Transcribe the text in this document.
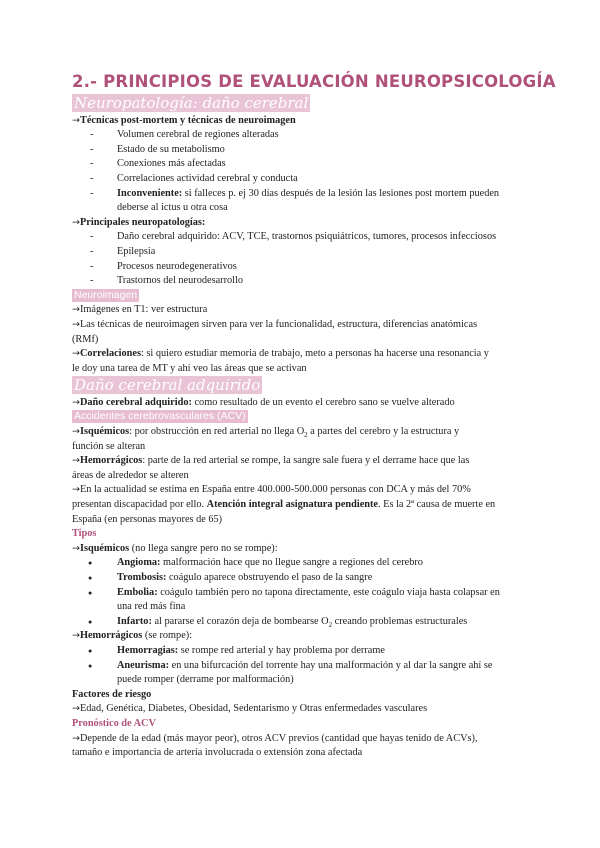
2.- PRINCIPIOS DE EVALUACIÓN NEUROPSICOLOGÍA
Neuropatología: daño cerebral
→Técnicas post-mortem y técnicas de neuroimagen
- Volumen cerebral de regiones alteradas
- Estado de su metabolismo
- Conexiones más afectadas
- Correlaciones actividad cerebral y conducta
- Inconveniente: si falleces p. ej 30 días después de la lesión las lesiones post mortem pueden
deberse al ictus u otra cosa
→Principales neuropatologías:
- Daño cerebral adquirido: ACV, TCE, trastornos psiquiátricos, tumores, procesos infecciosos
- Epilepsia
- Procesos neurodegenerativos
- Trastornos del neurodesarrollo
Neuroimagen
→Imágenes en T1: ver estructura
→Las técnicas de neuroimagen sirven para ver la funcionalidad, estructura, diferencias anatómicas
(RMf)
→Correlaciones: si quiero estudiar memoria de trabajo, meto a personas ha hacerse una resonancia y
le doy una tarea de MT y ahí veo las áreas que se activan
Daño cerebral adquirido
→Daño cerebral adquirido: como resultado de un evento el cerebro sano se vuelve alterado
Accidentes cerebrovasculares (ACV)
→Isquémicos: por obstrucción en red arterial no llega $O_2$ a partes del cerebro y la estructura y
función se alteran
→Hemorrágicos: parte de la red arterial se rompe, la sangre sale fuera y el derrame hace que las
áreas de alrededor se alteren
→En la actualidad se estima en España entre 400.000-500.000 personas con DCA y más del 70%
presentan discapacidad por ello. Atención integral asignatura pendiente. Es la 2ª causa de muerte en
España (en personas mayores de 65)
Tipos
→Isquémicos (no llega sangre pero no se rompe):
● Angioma: malformación hace que no llegue sangre a regiones del cerebro
● Trombosis: coágulo aparece obstruyendo el paso de la sangre
● Embolia: coágulo también pero no tapona directamente, este coágulo viaja hasta colapsar en
una red más fina
● Infarto: al pararse el corazón deja de bombearse $O_2$ creando problemas estructurales
→Hemorrágicos (se rompe):
● Hemorragias: se rompe red arterial y hay problema por derrame
● Aneurisma: en una bifurcación del torrente hay una malformación y al dar la sangre ahí se
puede romper (derrame por malformación)
Factores de riesgo
→Edad, Genética, Diabetes, Obesidad, Sedentarismo y Otras enfermedades vasculares
Pronóstico de ACV
→Depende de la edad (más mayor peor), otros ACV previos (cantidad que hayas tenido de ACVs),
tamaño e importancia de arteria involucrada o extensión zona afectada
